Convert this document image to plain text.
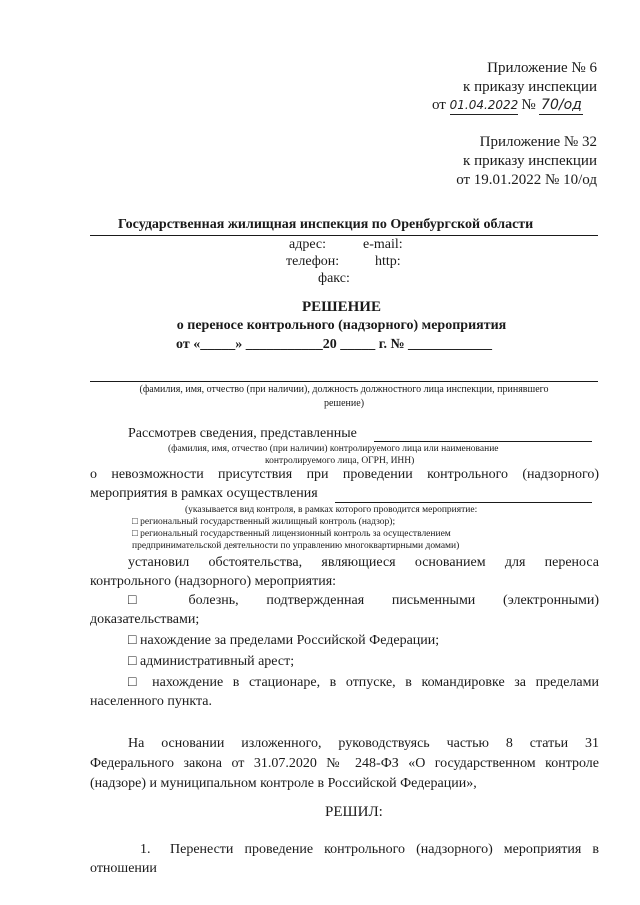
Приложение № 6
к приказу инспекции
от 01.04.2022 № 70/од
Приложение № 32
к приказу инспекции
от 19.01.2022 № 10/од
Государственная жилищная инспекция по Оренбургской области
адрес:	e-mail:
телефон:	http:
факс:
РЕШЕНИЕ
о переносе контрольного (надзорного) мероприятия
от «_____» ___________20 _____ г. № ____________
(фамилия, имя, отчество (при наличии), должность должностного лица инспекции, принявшего
решение)
Рассмотрев сведения, представленные
(фамилия, имя, отчество (при наличии) контролируемого лица или наименование
контролируемого лица, ОГРН, ИНН)
о невозможности присутствия при проведении контрольного (надзорного)
мероприятия в рамках осуществления
(указывается вид контроля, в рамках которого проводится мероприятие:
□ региональный государственный жилищный контроль (надзор);
□ региональный государственный лицензионный контроль за осуществлением
предпринимательской деятельности по управлению многоквартирными домами)
установил обстоятельства, являющиеся основанием для переноса
контрольного (надзорного) мероприятия:
□ болезнь, подтвержденная письменными (электронными)
доказательствами;
□ нахождение за пределами Российской Федерации;
□ административный арест;
□ нахождение в стационаре, в отпуске, в командировке за пределами
населенного пункта.
На основании изложенного, руководствуясь частью 8 статьи 31
Федерального закона от 31.07.2020 № 248-ФЗ «О государственном контроле
(надзоре) и муниципальном контроле в Российской Федерации»,
РЕШИЛ:
1. Перенести проведение контрольного (надзорного) мероприятия в
отношении
